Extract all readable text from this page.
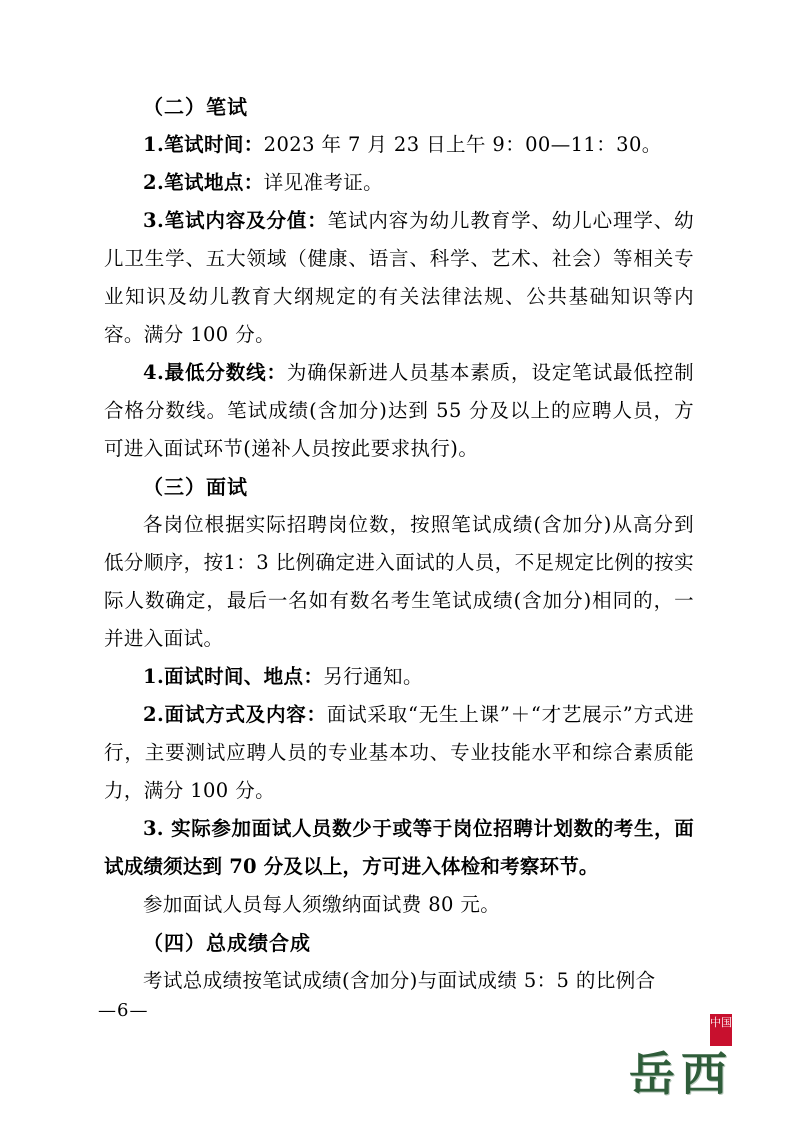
（二）笔试

1.笔试时间：2023 年 7 月 23 日上午 9：00—11：30。

2.笔试地点：详见准考证。

3.笔试内容及分值：笔试内容为幼儿教育学、幼儿心理学、幼儿卫生学、五大领域（健康、语言、科学、艺术、社会）等相关专业知识及幼儿教育大纲规定的有关法律法规、公共基础知识等内容。满分 100 分。

4.最低分数线：为确保新进人员基本素质，设定笔试最低控制合格分数线。笔试成绩(含加分)达到 55 分及以上的应聘人员，方可进入面试环节(递补人员按此要求执行)。

（三）面试

各岗位根据实际招聘岗位数，按照笔试成绩(含加分)从高分到低分顺序，按1：3 比例确定进入面试的人员，不足规定比例的按实际人数确定，最后一名如有数名考生笔试成绩(含加分)相同的，一并进入面试。

1.面试时间、地点：另行通知。

2.面试方式及内容：面试采取“无生上课”＋“才艺展示”方式进行，主要测试应聘人员的专业基本功、专业技能水平和综合素质能力，满分 100 分。

3. 实际参加面试人员数少于或等于岗位招聘计划数的考生，面试成绩须达到 70 分及以上，方可进入体检和考察环节。

参加面试人员每人须缴纳面试费 80 元。

（四）总成绩合成

考试总成绩按笔试成绩(含加分)与面试成绩 5：5 的比例合

—6—
中国
岳西
